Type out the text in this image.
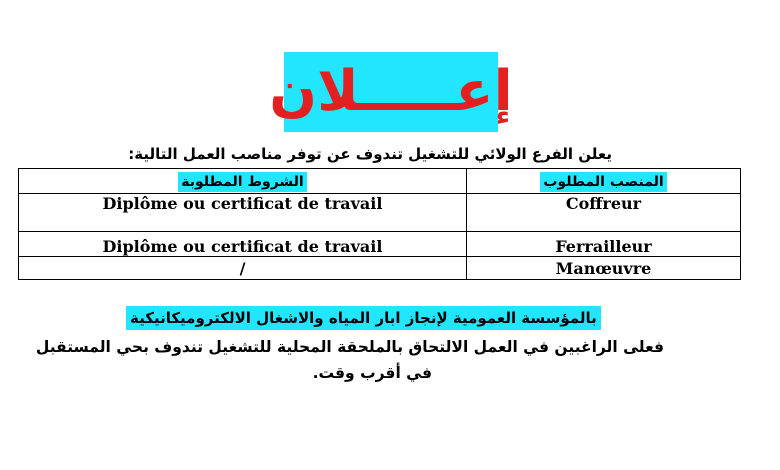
إعـــــلان
يعلن الفرع الولائي للتشغيل تندوف عن توفر مناصب العمل التالية:
الشروط المطلوبة	المنصب المطلوب
Diplôme ou certificat de travail	Coffreur
Diplôme ou certificat de travail	Ferrailleur
/	Manœuvre
بالمؤسسة العمومية لإنجاز ابار المياه والاشغال الالكتروميكانيكية
فعلى الراغبين في العمل الالتحاق بالملحقة المحلية للتشغيل تندوف بحي المستقبل
في أقرب وقت.
